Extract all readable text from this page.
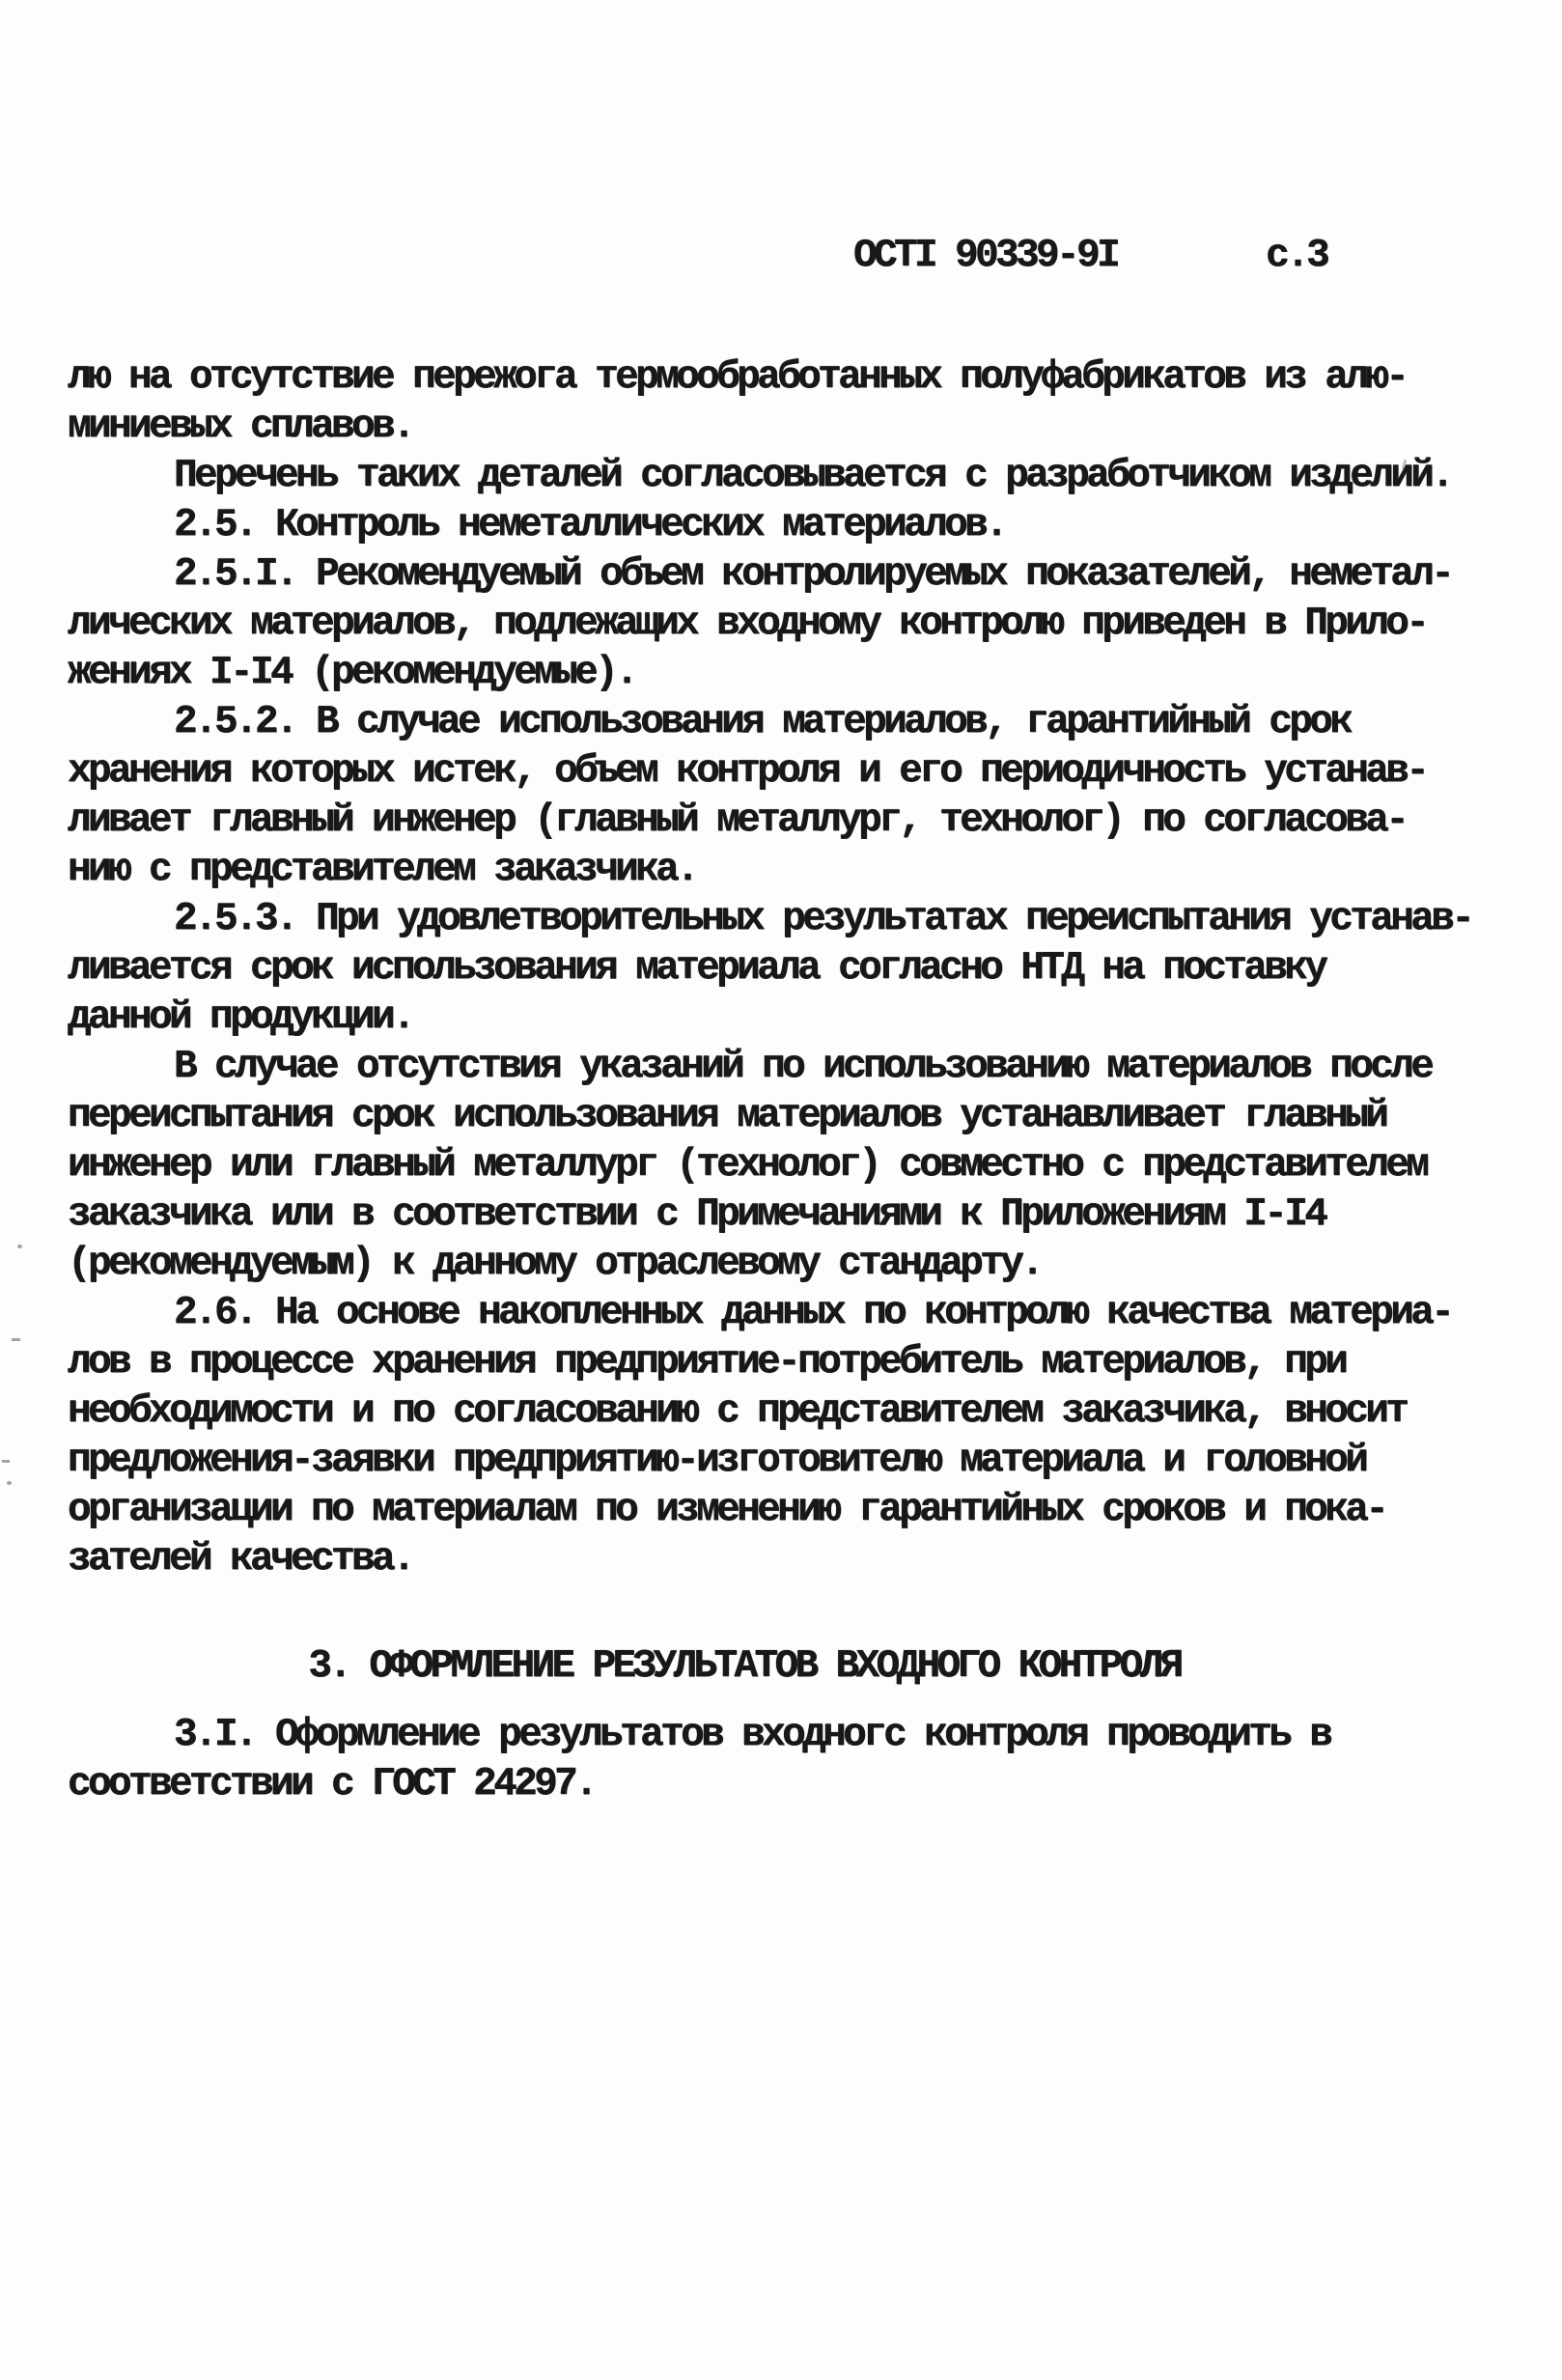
ОСТI 90339-9I	с.3
лю на отсутствие пережога термообработанных полуфабрикатов из алю-
миниевых сплавов.
Перечень таких деталей согласовывается с разработчиком изделий.
2.5. Контроль неметаллических материалов.
2.5.I. Рекомендуемый объем контролируемых показателей, неметал-
лических материалов, подлежащих входному контролю приведен в Прило-
жениях I-I4 (рекомендуемые).
2.5.2. В случае использования материалов, гарантийный срок
хранения которых истек, объем контроля и его периодичность устанав-
ливает главный инженер (главный металлург, технолог) по согласова-
нию с представителем заказчика.
2.5.3. При удовлетворительных результатах переиспытания устанав-
ливается срок использования материала согласно НТД на поставку
данной продукции.
В случае отсутствия указаний по использованию материалов после
переиспытания срок использования материалов устанавливает главный
инженер или главный металлург (технолог) совместно с представителем
заказчика или в соответствии с Примечаниями к Приложениям I-I4
(рекомендуемым) к данному отраслевому стандарту.
2.6. На основе накопленных данных по контролю качества материа-
лов в процессе хранения предприятие-потребитель материалов, при
необходимости и по согласованию с представителем заказчика, вносит
предложения-заявки предприятию-изготовителю материала и головной
организации по материалам по изменению гарантийных сроков и пока-
зателей качества.
3. ОФОРМЛЕНИЕ РЕЗУЛЬТАТОВ ВХОДНОГО КОНТРОЛЯ
3.I. Оформление результатов входногс контроля проводить в
соответствии с ГОСТ 24297.
